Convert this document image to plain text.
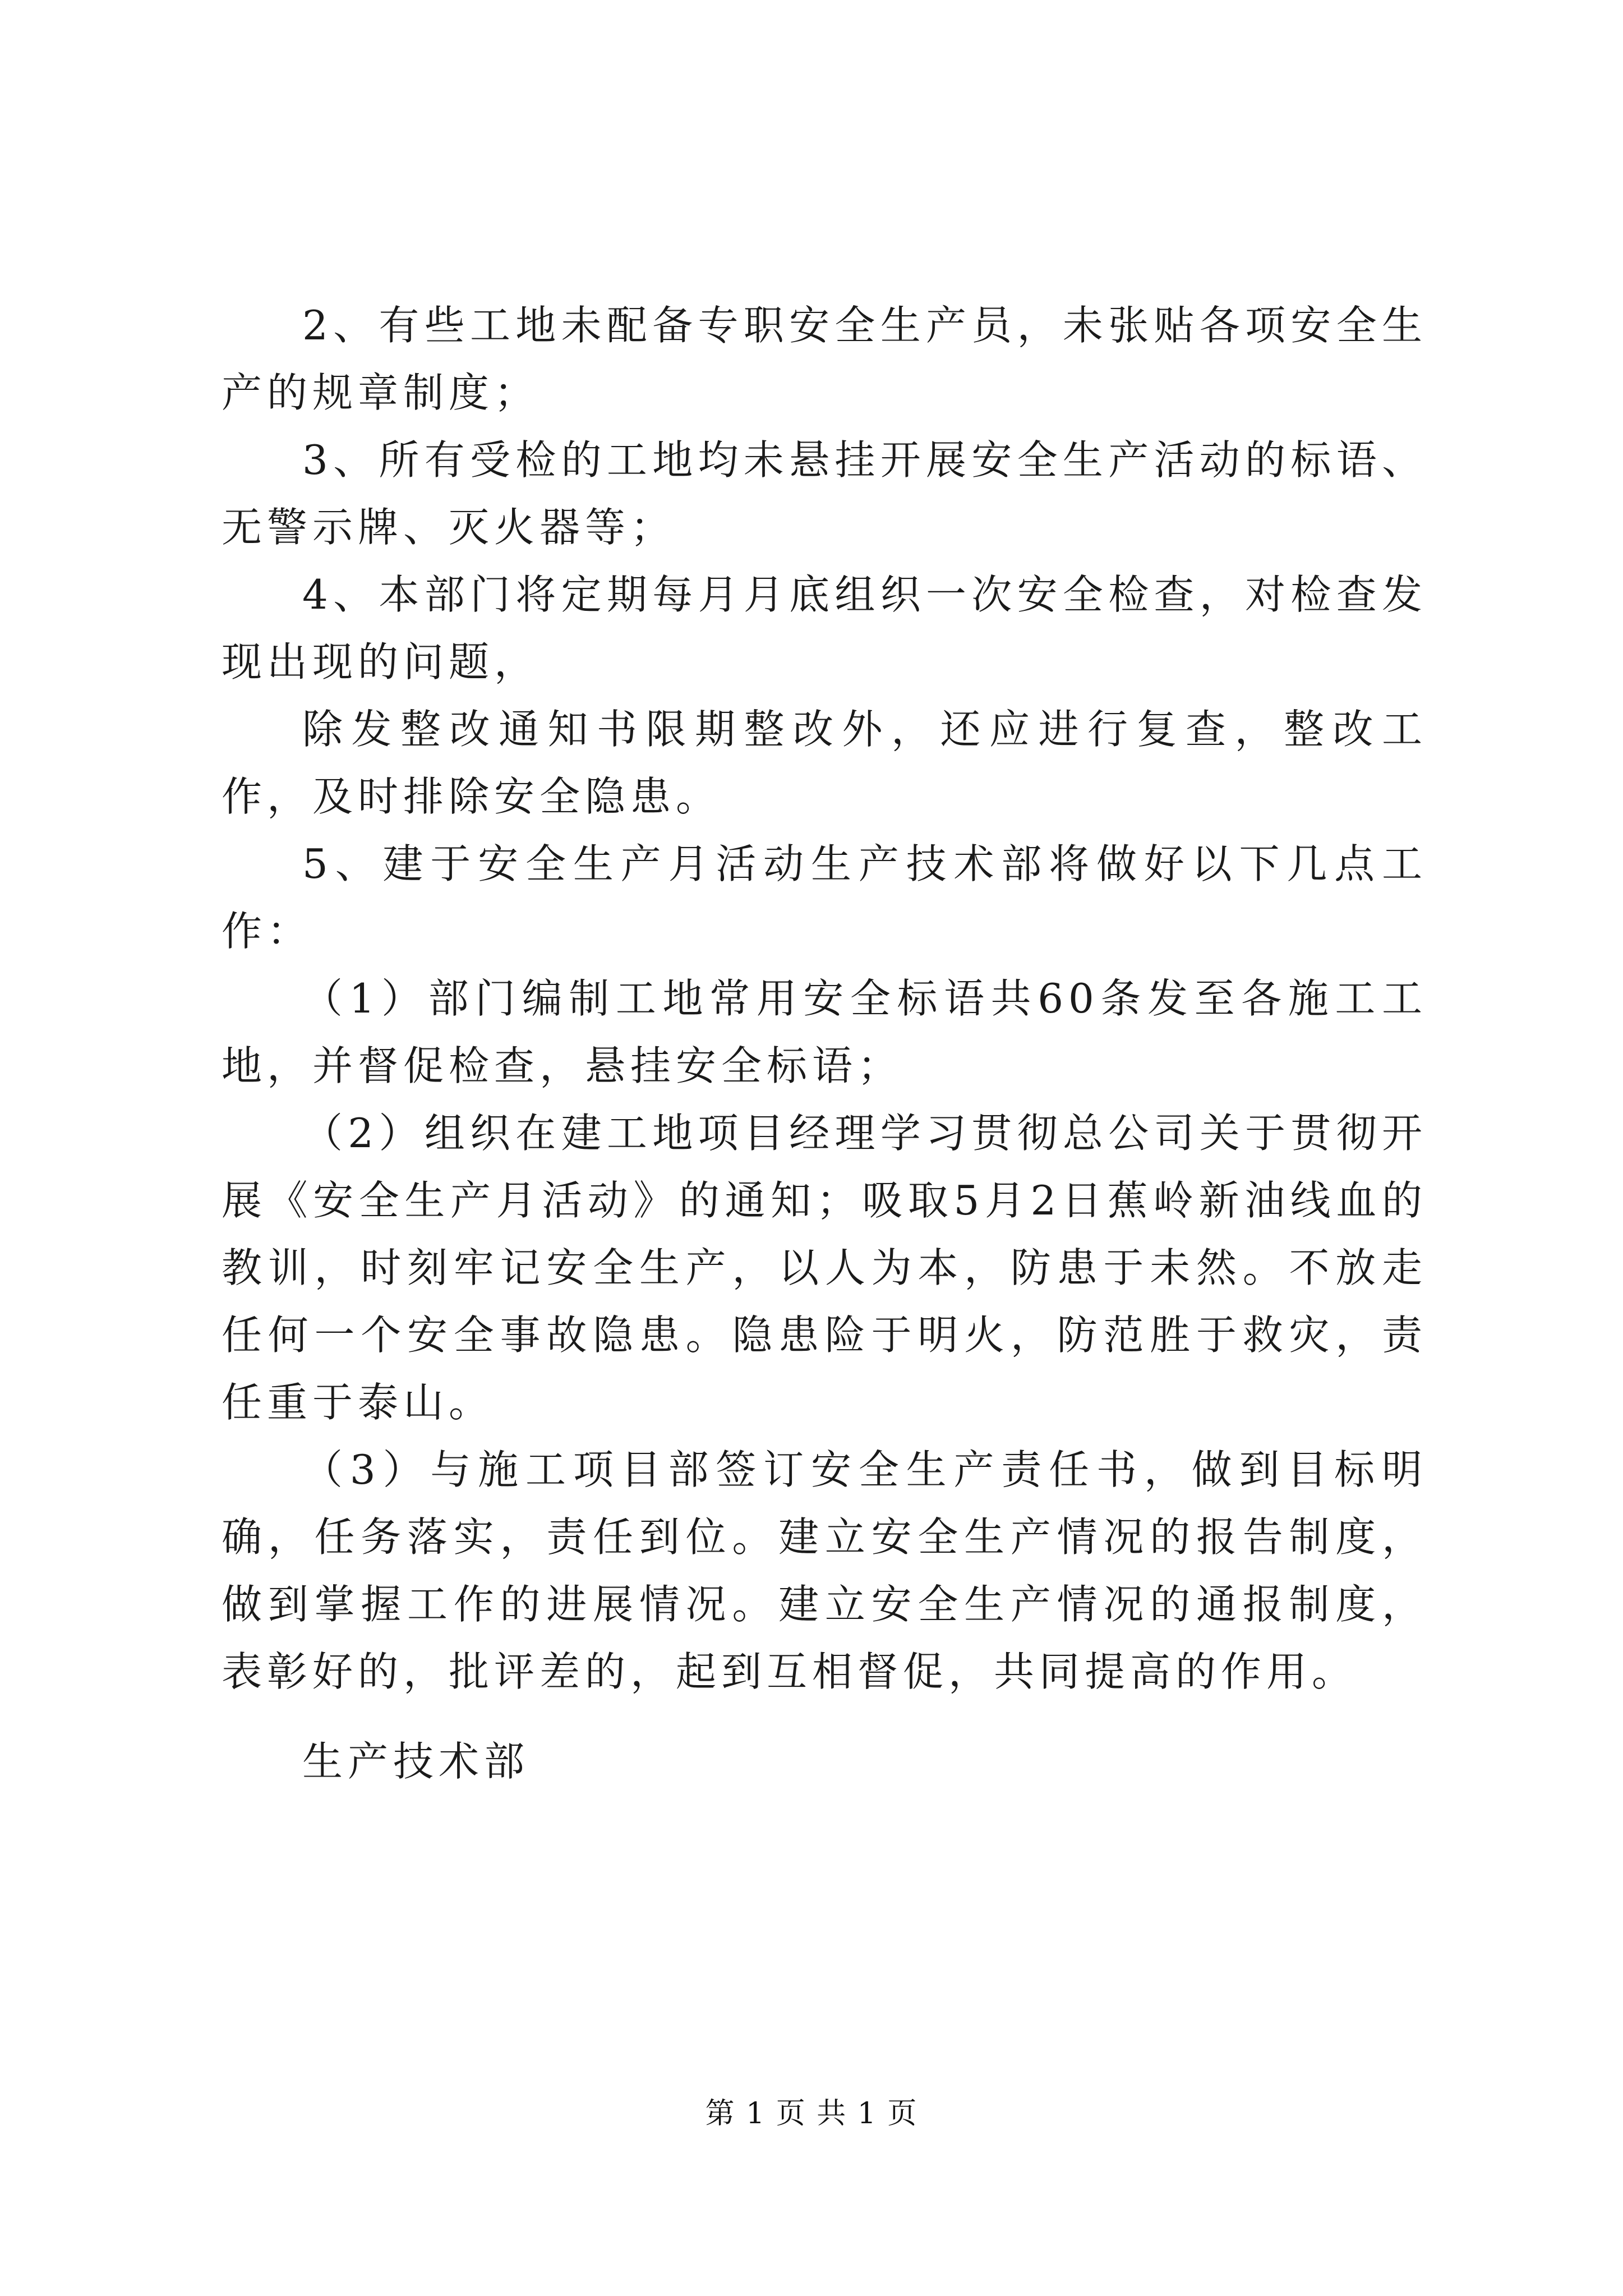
2、有些工地未配备专职安全生产员，未张贴各项安全生产的规章制度；

3、所有受检的工地均未悬挂开展安全生产活动的标语、无警示牌、灭火器等；

4、本部门将定期每月月底组织一次安全检查，对检查发现出现的问题，

除发整改通知书限期整改外，还应进行复查，整改工作，及时排除安全隐患。

5、建于安全生产月活动生产技术部将做好以下几点工作：

（1）部门编制工地常用安全标语共60条发至各施工工地，并督促检查，悬挂安全标语；

（2）组织在建工地项目经理学习贯彻总公司关于贯彻开展《安全生产月活动》的通知；吸取5月2日蕉岭新油线血的教训，时刻牢记安全生产，以人为本，防患于未然。不放走任何一个安全事故隐患。隐患险于明火，防范胜于救灾，责任重于泰山。

（3）与施工项目部签订安全生产责任书，做到目标明确，任务落实，责任到位。建立安全生产情况的报告制度，做到掌握工作的进展情况。建立安全生产情况的通报制度，表彰好的，批评差的，起到互相督促，共同提高的作用。

生产技术部

第 1 页 共 1 页
